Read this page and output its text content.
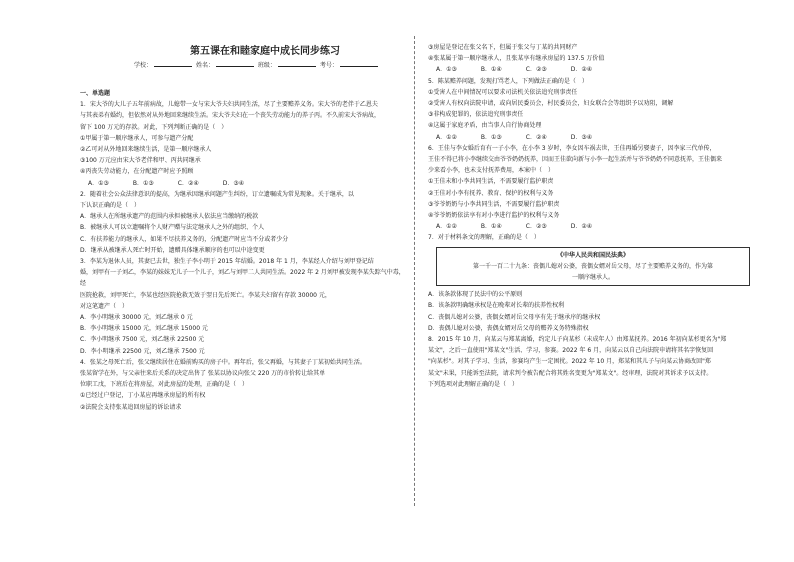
第五课在和睦家庭中成长同步练习
学校：	姓名：	班级：	考号：

一、单选题

1．宋大爷的大儿子五年前病故，儿媳带一女与宋大爷夫妇共同生活，尽了主要赡养义务。宋大爷的老伴于乙恩夫

与其表弟有婚约，但依然对从外地回来继续生活。宋大爷夫妇在一个丧失劳动能力的养子丙。不久前宋大爷病故，

留下 100 万元的存款。对此，下列判断正确的是（　）

①甲属于第一顺序继承人，可参与遗产分配

②乙可对从外地回来继续生活，是第一顺序继承人

③100 万元应由宋大爷老伴和甲、丙共同继承

④丙丧失劳动能力，在分配遗产时应予照顾

A．①③	B．①③	C．②④	D．③④

2．随着社会公众法律意识的提高，为继承因继承问题产生纠纷，订立遗嘱成为常见现象。关于继承，以

下认识正确的是（　）

A．继承人在所继承遗产的范围内承担被继承人依法应当缴纳的税款

B．被继承人可以立遗嘱将个人财产赠与法定继承人之外的组织、个人

C．有扶养能力的继承人，如果不尽扶养义务的，分配遗产时应当不分或者少分

D．继承从被继承人死亡时开始，遗赠具体继承顺序的也可以中途变更

3．李某为退休人员，其妻已去世，独生子李小明于 2015 年结婚。2018 年 1 月，李某经人介绍与刘甲登记结

婚，刘甲有一子刘乙，李某的妹妹无儿子一个儿子，刘乙与刘甲二人共同生活。2022 年 2 月刘甲被发现李某失踪气中毒，经

医院抢救，刘甲死亡，李某也经医院抢救无效于翌日先后死亡。李某夫妇留有存款 30000 元，

对这笔遗产（　）

A．李小明继承 30000 元，刘乙继承 0 元

B．李小明继承 15000 元，刘乙继承 15000 元

C．李小明继承 7500 元，刘乙继承 22500 元

D．李小明继承 22500 元，刘乙继承 7500 元

4．张某之母死亡后，张父继续居住在婚前购买的房子中。再年后，张父再婚，与其妻子丁某初始共同生活。

张某留学在外，与父亲往来后关系的决定出售了 张某以协议向张父 220 万的市价转让给其单

位职工戊，下班后在将房屋，对此房屋的处理，正确的是（　）

①已经过户登记，丁小某应再继承房屋的所有权

②法院会支持张某追回房屋的诉讼请求

③房屋是登记在张父名下，但属于张父与丁某的共同财产

④张某属于第一顺序继承人，且张某享有继承房屋的 137.5 万价值

A．①③	B．①④	C．②③	D．②④

5．陈某赡养问题，发现打骂老人，下列做法正确的是（　）

①受害人在中间情况可以要求司法机关依法追究刑事责任

②受害人有权向法院申请，或向居民委员会，村民委员会，妇女联合会等组织予以劝阻，调解

③非构成犯罪的，依法追究刑事责任

④这属于家庭矛盾，由当事人自行协商处理

A．①②	B．①③	C．②④	D．③④

6．王佳与李女婚后育有一子小李，在小李 3 岁时，李女因车祸去世，王佳再婚另娶妻子，因李家三代单传，

王佳不得已将小李继续交由爷爷奶奶抚养，因而王佳欲向新与小李一起生活并与爷爷奶奶不同意抚养，王佳偶来

少来看小李，也未支付抚养费用，本案中（　）

①王佳未和小李共同生活，不需要履行监护职责

②王佳对小李有抚养、教育、保护的权利与义务

③爷爷奶奶与小李共同生活，不需要履行监护职责

④爷爷奶奶依法享有对小李进行监护的权利与义务

A．①②	B．①④	C．②③	D．②④

7．对于材料条文的理解，正确的是（　）

《中华人民共和国民法典》

第一千一百二十九条：丧偶儿媳对公婆，丧偶女婿对岳父母，尽了主要赡养义务的，作为第

一顺序继承人。

A．该条款体现了民法中的公平原则

B．该条款明确继承权是在晚辈对长辈的扶养性权利

C．丧偶儿媳对公婆，丧偶女婿对岳父母享有先于继承序的继承权

D．丧偶儿媳对公婆，丧偶女婿对岳父母的赡养义务特殊指权

8．2015 年 10 月，向某云与郑某离婚，约定儿子向某杉（未成年人）由郑某抚养。2016 年初向某杉更名为"郑

某文"，之后一直使用"郑某文"生活、学习，参赛。2022 年 6 月，向某云以自己向法院申请将其名字恢复回

"向某杉"。对其子学习、生活，参赛均产生一定困扰。2022 年 10 月，郑某和其儿子与向某云协商改回"郑

某文"未果，只能诉至法院，请求判令被告配合将其姓名变更为"郑某文"。经审理，法院对其诉求予以支持。

下列选项对此理解正确的是（　）
